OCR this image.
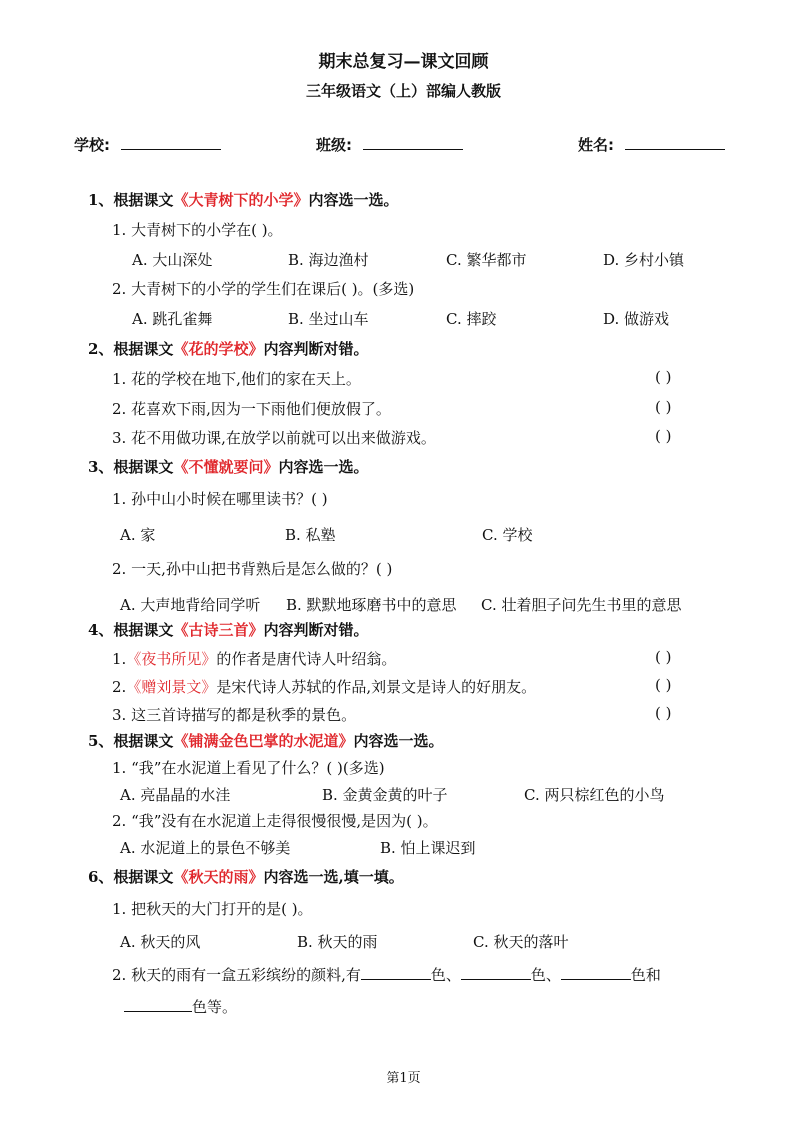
期末总复习—课文回顾
三年级语文（上）部编人教版
学校:	班级:	姓名:
1、根据课文《大青树下的小学》内容选一选。
1. 大青树下的小学在( )。
A. 大山深处	B. 海边渔村	C. 繁华都市	D. 乡村小镇
2. 大青树下的小学的学生们在课后( )。(多选)
A. 跳孔雀舞	B. 坐过山车	C. 摔跤	D. 做游戏
2、根据课文《花的学校》内容判断对错。
1. 花的学校在地下,他们的家在天上。	( )
2. 花喜欢下雨,因为一下雨他们便放假了。	( )
3. 花不用做功课,在放学以前就可以出来做游戏。	( )
3、根据课文《不懂就要问》内容选一选。
1. 孙中山小时候在哪里读书？( )
A. 家	B. 私塾	C. 学校
2. 一天,孙中山把书背熟后是怎么做的？( )
A. 大声地背给同学听 B. 默默地琢磨书中的意思 C. 壮着胆子问先生书里的意思
4、根据课文《古诗三首》内容判断对错。
1.《夜书所见》的作者是唐代诗人叶绍翁。	( )
2.《赠刘景文》是宋代诗人苏轼的作品,刘景文是诗人的好朋友。	( )
3. 这三首诗描写的都是秋季的景色。	( )
5、根据课文《铺满金色巴掌的水泥道》内容选一选。
1. “我”在水泥道上看见了什么？( )(多选)
A. 亮晶晶的水洼	B. 金黄金黄的叶子	C. 两只棕红色的小鸟
2. “我”没有在水泥道上走得很慢很慢,是因为( )。
A. 水泥道上的景色不够美	B. 怕上课迟到
6、根据课文《秋天的雨》内容选一选,填一填。
1. 把秋天的大门打开的是( )。
A. 秋天的风	B. 秋天的雨	C. 秋天的落叶
2. 秋天的雨有一盒五彩缤纷的颜料,有	色、	色、	色和
色等。
第1页
